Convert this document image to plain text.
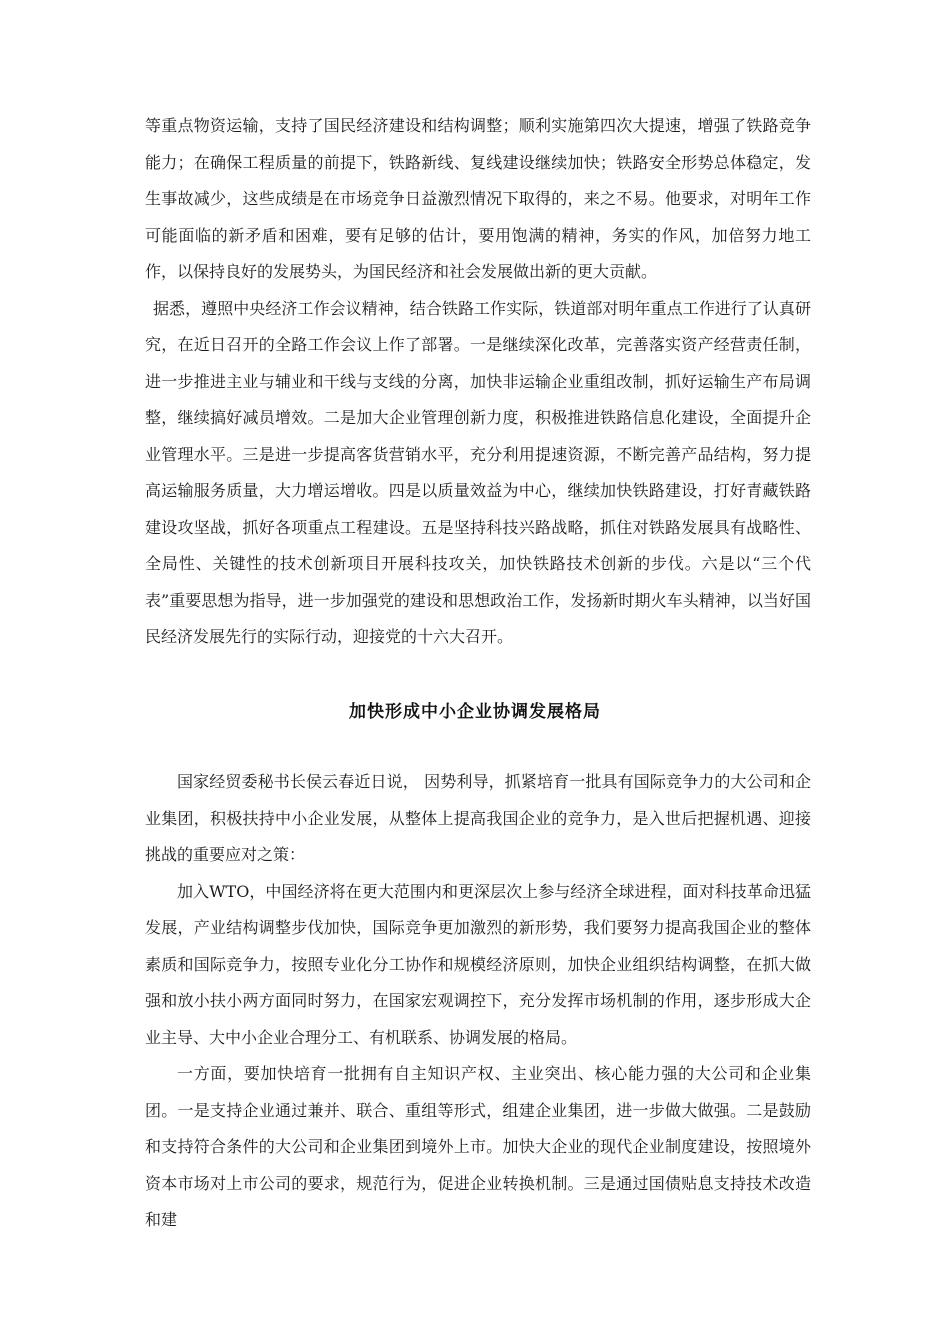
等重点物资运输，支持了国民经济建设和结构调整；顺利实施第四次大提速，增强了铁路竞争能力；在确保工程质量的前提下，铁路新线、复线建设继续加快；铁路安全形势总体稳定，发生事故减少，这些成绩是在市场竞争日益激烈情况下取得的，来之不易。他要求，对明年工作可能面临的新矛盾和困难，要有足够的估计，要用饱满的精神，务实的作风，加倍努力地工作，以保持良好的发展势头，为国民经济和社会发展做出新的更大贡献。

据悉，遵照中央经济工作会议精神，结合铁路工作实际，铁道部对明年重点工作进行了认真研究，在近日召开的全路工作会议上作了部署。一是继续深化改革，完善落实资产经营责任制，进一步推进主业与辅业和干线与支线的分离，加快非运输企业重组改制，抓好运输生产布局调整，继续搞好减员增效。二是加大企业管理创新力度，积极推进铁路信息化建设，全面提升企业管理水平。三是进一步提高客货营销水平，充分利用提速资源，不断完善产品结构，努力提高运输服务质量，大力增运增收。四是以质量效益为中心，继续加快铁路建设，打好青藏铁路建设攻坚战，抓好各项重点工程建设。五是坚持科技兴路战略，抓住对铁路发展具有战略性、全局性、关键性的技术创新项目开展科技攻关，加快铁路技术创新的步伐。六是以“三个代表”重要思想为指导，进一步加强党的建设和思想政治工作，发扬新时期火车头精神，以当好国民经济发展先行的实际行动，迎接党的十六大召开。

加快形成中小企业协调发展格局

国家经贸委秘书长侯云春近日说， 因势利导，抓紧培育一批具有国际竞争力的大公司和企业集团，积极扶持中小企业发展，从整体上提高我国企业的竞争力，是入世后把握机遇、迎接挑战的重要应对之策：

加入WTO，中国经济将在更大范围内和更深层次上参与经济全球进程，面对科技革命迅猛发展，产业结构调整步伐加快，国际竞争更加激烈的新形势，我们要努力提高我国企业的整体素质和国际竞争力，按照专业化分工协作和规模经济原则，加快企业组织结构调整，在抓大做强和放小扶小两方面同时努力，在国家宏观调控下，充分发挥市场机制的作用，逐步形成大企业主导、大中小企业合理分工、有机联系、协调发展的格局。

一方面，要加快培育一批拥有自主知识产权、主业突出、核心能力强的大公司和企业集团。一是支持企业通过兼并、联合、重组等形式，组建企业集团，进一步做大做强。二是鼓励和支持符合条件的大公司和企业集团到境外上市。加快大企业的现代企业制度建设，按照境外资本市场对上市公司的要求，规范行为，促进企业转换机制。三是通过国债贴息支持技术改造和建
